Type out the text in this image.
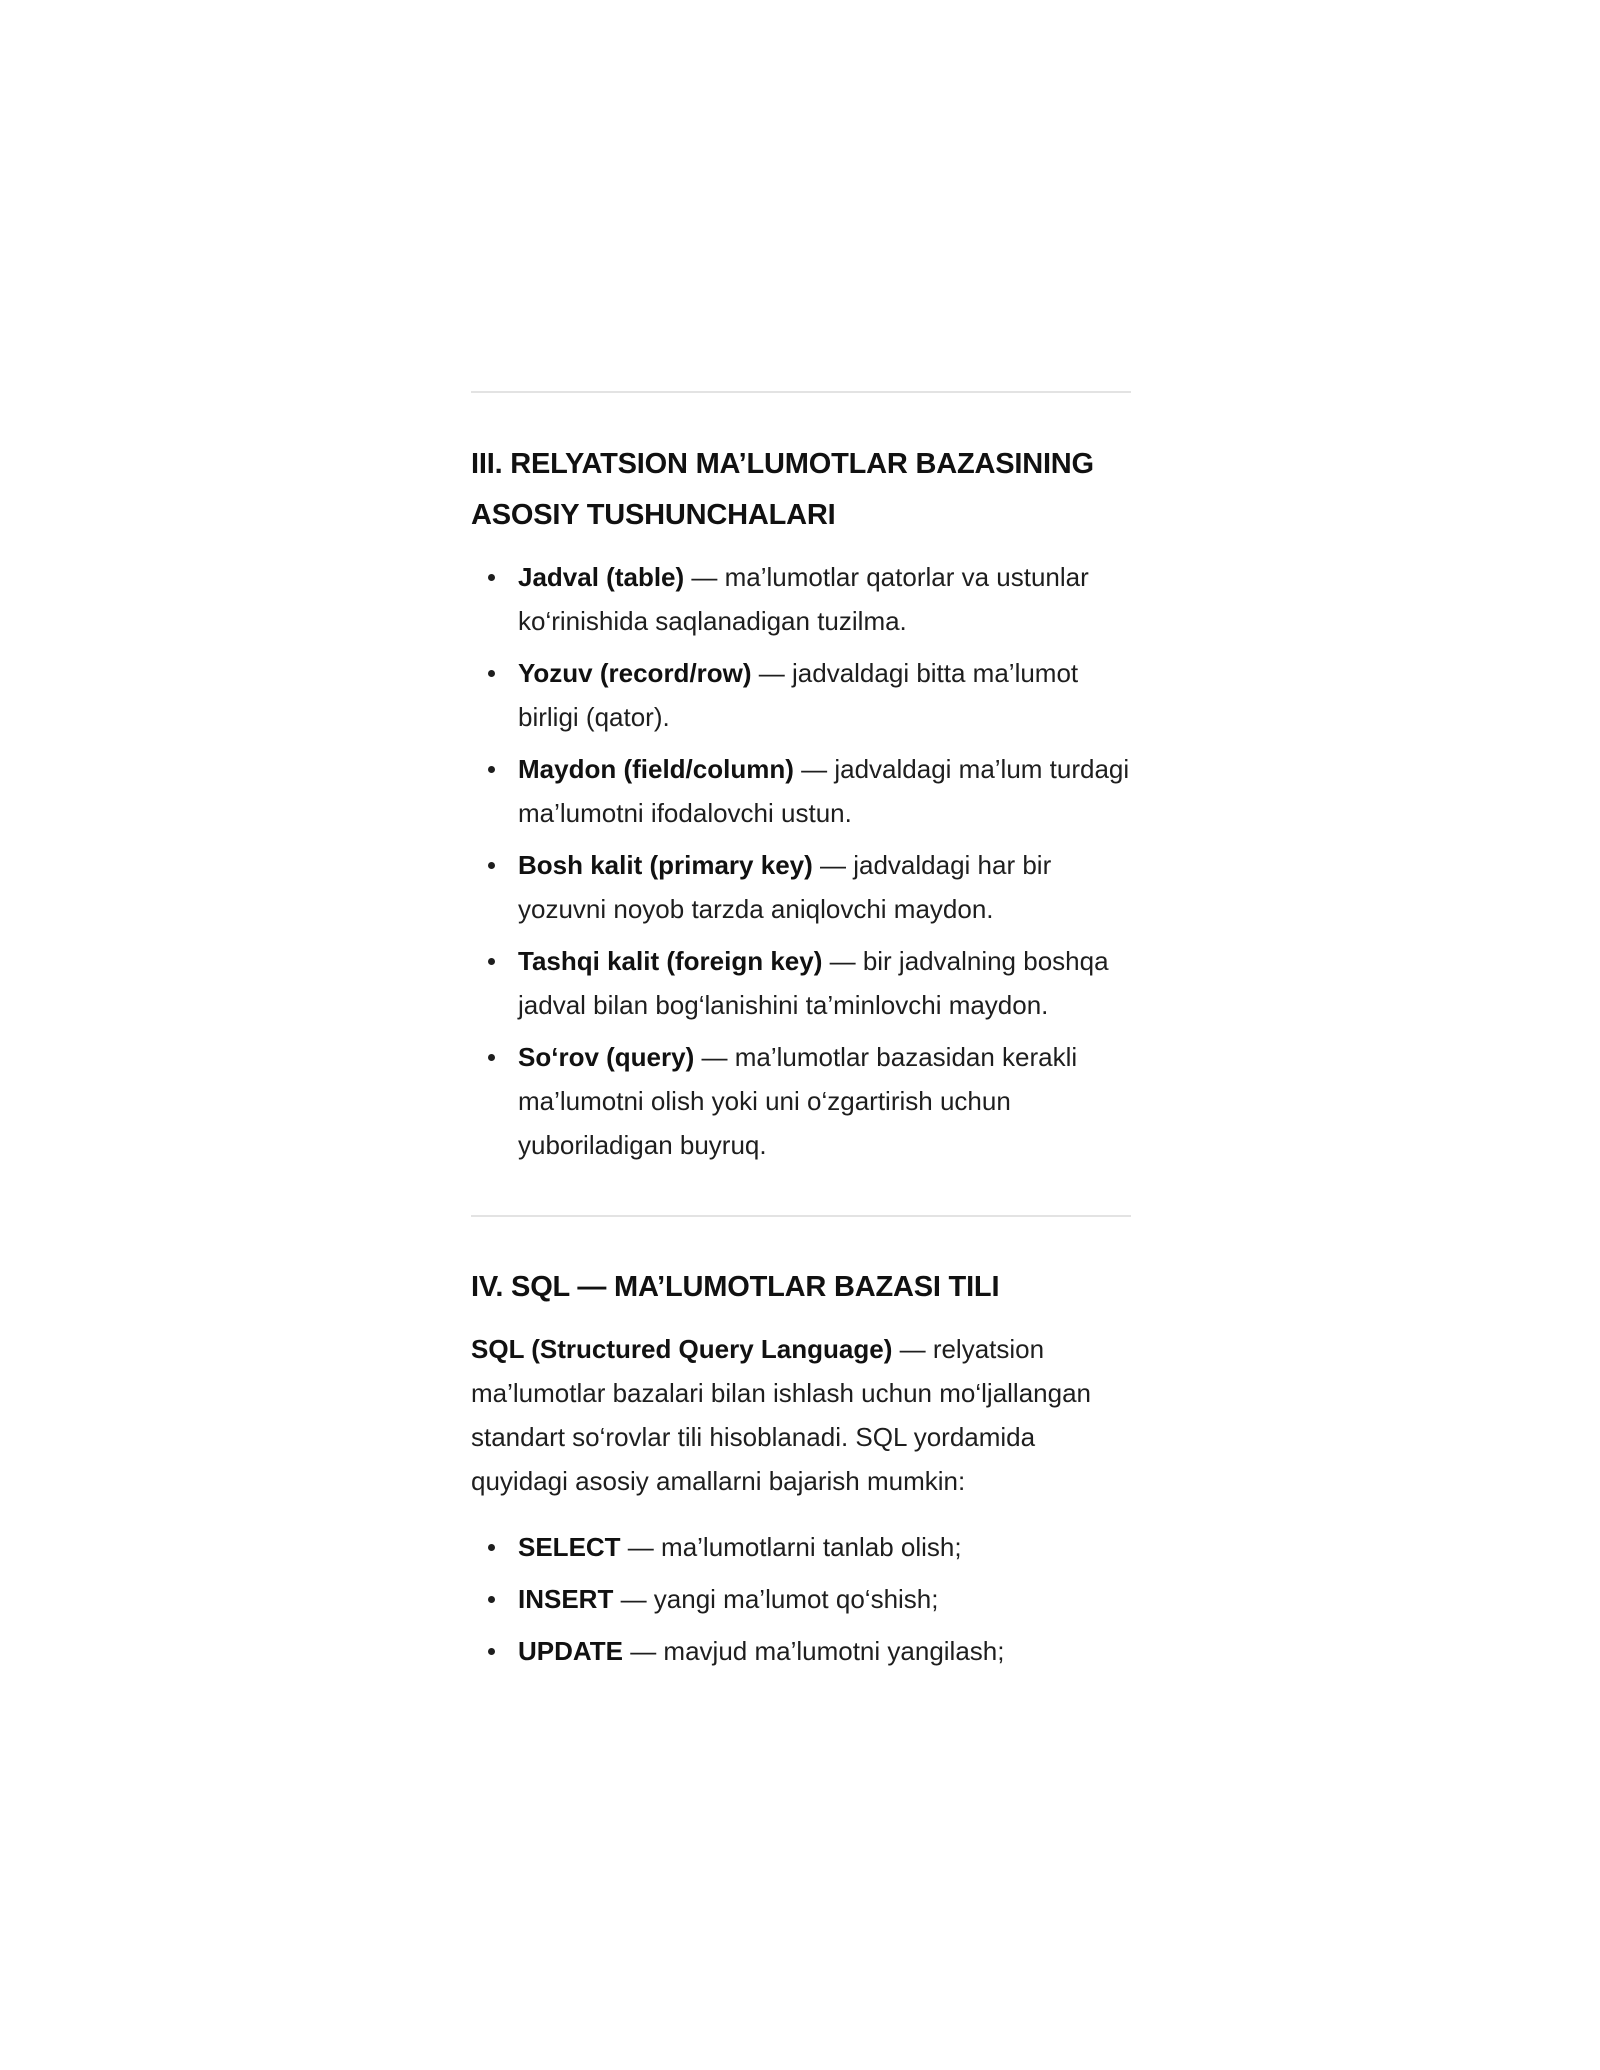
III. RELYATSION MA’LUMOTLAR BAZASINING ASOSIY TUSHUNCHALARI
Jadval (table) — ma’lumotlar qatorlar va ustunlar ko‘rinishida saqlanadigan tuzilma.
Yozuv (record/row) — jadvaldagi bitta ma’lumot birligi (qator).
Maydon (field/column) — jadvaldagi ma’lum turdagi ma’lumotni ifodalovchi ustun.
Bosh kalit (primary key) — jadvaldagi har bir yozuvni noyob tarzda aniqlovchi maydon.
Tashqi kalit (foreign key) — bir jadvalning boshqa jadval bilan bog‘lanishini ta’minlovchi maydon.
So‘rov (query) — ma’lumotlar bazasidan kerakli ma’lumotni olish yoki uni o‘zgartirish uchun yuboriladigan buyruq.
IV. SQL — MA’LUMOTLAR BAZASI TILI

SQL (Structured Query Language) — relyatsion ma’lumotlar bazalari bilan ishlash uchun mo‘ljallangan standart so‘rovlar tili hisoblanadi. SQL yordamida quyidagi asosiy amallarni bajarish mumkin:

SELECT — ma’lumotlarni tanlab olish;
INSERT — yangi ma’lumot qo‘shish;
UPDATE — mavjud ma’lumotni yangilash;
